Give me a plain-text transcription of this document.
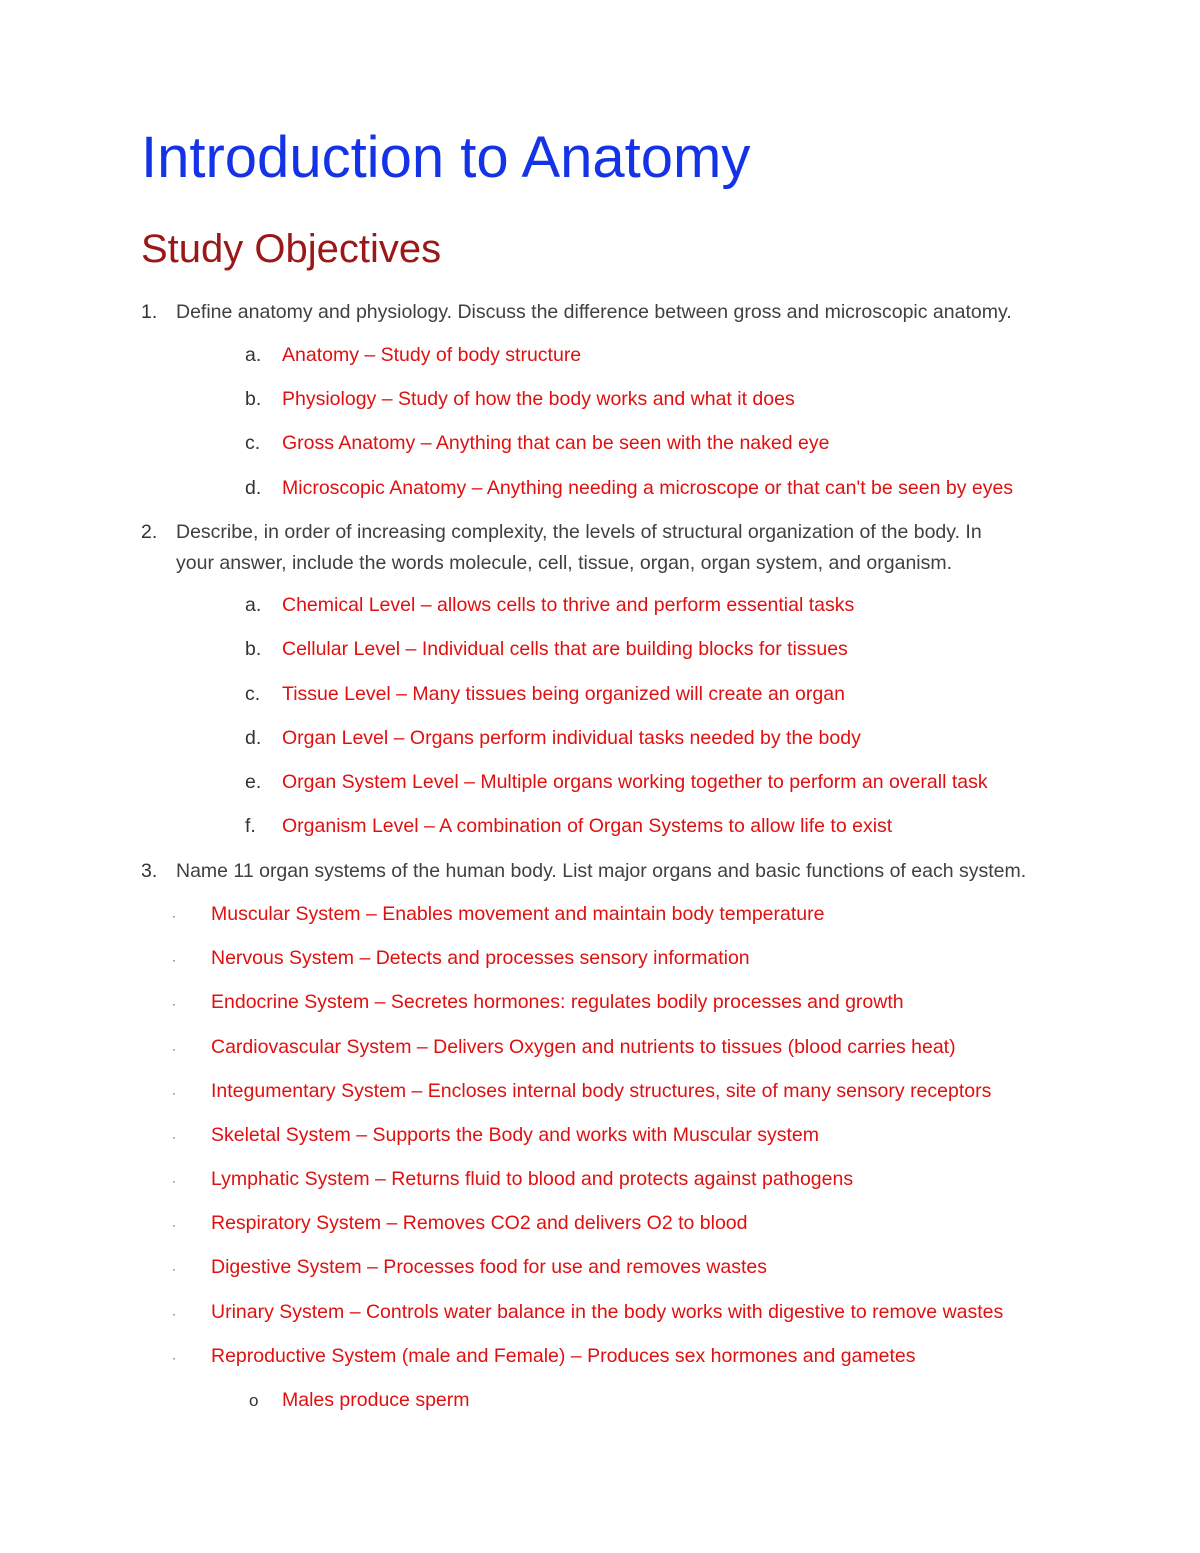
Introduction to Anatomy
Study Objectives
1. Define anatomy and physiology. Discuss the difference between gross and microscopic anatomy.
a. Anatomy – Study of body structure
b. Physiology – Study of how the body works and what it does
c. Gross Anatomy – Anything that can be seen with the naked eye
d. Microscopic Anatomy – Anything needing a microscope or that can't be seen by eyes
2. Describe, in order of increasing complexity, the levels of structural organization of the body. In
your answer, include the words molecule, cell, tissue, organ, organ system, and organism.
a. Chemical Level – allows cells to thrive and perform essential tasks
b. Cellular Level – Individual cells that are building blocks for tissues
c. Tissue Level – Many tissues being organized will create an organ
d. Organ Level – Organs perform individual tasks needed by the body
e. Organ System Level – Multiple organs working together to perform an overall task
f. Organism Level – A combination of Organ Systems to allow life to exist
3. Name 11 organ systems of the human body. List major organs and basic functions of each system.
· Muscular System – Enables movement and maintain body temperature
· Nervous System – Detects and processes sensory information
· Endocrine System – Secretes hormones: regulates bodily processes and growth
· Cardiovascular System – Delivers Oxygen and nutrients to tissues (blood carries heat)
· Integumentary System – Encloses internal body structures, site of many sensory receptors
· Skeletal System – Supports the Body and works with Muscular system
· Lymphatic System – Returns fluid to blood and protects against pathogens
· Respiratory System – Removes CO2 and delivers O2 to blood
· Digestive System – Processes food for use and removes wastes
· Urinary System – Controls water balance in the body works with digestive to remove wastes
· Reproductive System (male and Female) – Produces sex hormones and gametes
o Males produce sperm
